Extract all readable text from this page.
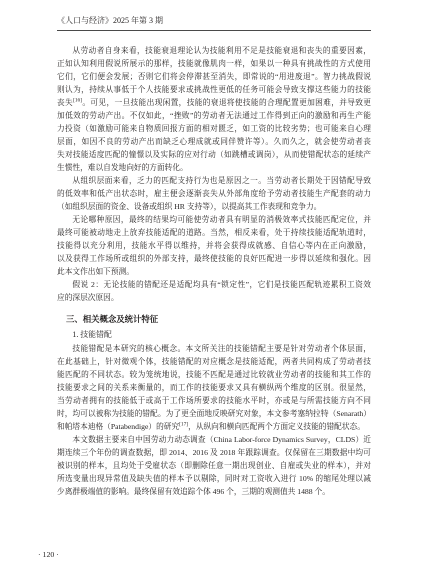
《人口与经济》2025 年第 3 期
从劳动者自身来看，技能衰退理论认为技能利用不足是技能衰退和丧失的重要因素，
正如认知利用假说所展示的那样，技能就像肌肉一样，如果以一种具有挑战性的方式使用
它们，它们便会发展；否则它们将会停滞甚至消失，即常说的“用进废退”。智力挑战假说
则认为，持续从事低于个人技能要求或挑战性更低的任务可能会导致支撑这些能力的技能
丧失[16]。可见，一旦技能出现闲置，技能的衰退将使技能的合理配置更加困难，并导致更
加低效的劳动产出。不仅如此，“挫败”的劳动者无法通过工作得到正向的激励和再生产能
力投资（如激励可能来自物质回报方面的相对匮乏，如工资的比较劣势；也可能来自心理
层面，如因不良的劳动产出而缺乏心理成就或同伴赞许等）。久而久之，就会使劳动者丧
失对技能适度匹配的憧憬以及实际的应对行动（如跳槽或调岗），从而使错配状态的延续产
生惯性，难以自发地向好的方面转化。
从组织层面来看，乏力的匹配支持行为也是原因之一。当劳动者长期处于因错配导致
的低效率和低产出状态时，雇主便会逐渐丧失从外部角度给予劳动者技能生产配套的动力
（如组织层面的资金、设备或组织 HR 支持等），以提高其工作表现和竞争力。
无论哪种原因，最终的结果均可能使劳动者具有明显的消极效率式技能匹配定位，并
最终可能被动地走上放弃技能适配的道路。当然，相反来看，处于持续技能适配轨道时，
技能得以充分利用，技能水平得以维持，并将会获得成就感、自信心等内在正向激励，
以及获得工作场所或组织的外部支持，最终使技能的良好匹配进一步得以延续和强化。因
此本文作出如下预测。
假说 2：无论技能的错配还是适配均具有“锁定性”，它们是技能匹配轨迹累积工资效
应的深层次原因。
三、相关概念及统计特征
1. 技能错配
技能错配是本研究的核心概念。本文所关注的技能错配主要是针对劳动者个体层面，
在此基础上，针对微观个体，技能错配的对应概念是技能适配，两者共同构成了劳动者技
能匹配的不同状态。较为笼统地说，技能不匹配是通过比较就业劳动者的技能和其工作的
技能要求之间的关系来衡量的，而工作的技能要求又具有横纵两个维度的区别。很显然，
当劳动者拥有的技能低于或高于工作场所要求的技能水平时，亦或是与所需技能方向不同
时，均可以被称为技能的错配。为了更全面地反映研究对象，本文参考塞纳拉特（Senarath）
和帕塔本迪格（Patabendige）的研究[17]，从纵向和横向匹配两个方面定义技能的错配状态。
本文数据主要来自中国劳动力动态调查（China Labor-force Dynamics Survey，CLDS）近
期连续三个年份的调查数据，即 2014、2016 及 2018 年跟踪调查。仅保留在三期数据中均可
被识别的样本，且均处于受雇状态（即删除任意一期出现创业、自雇或失业的样本），并对
所选变量出现异常值及缺失值的样本予以剔除，同时对工资收入进行 10% 的缩尾处理以减
少离群极端值的影响。最终保留有效追踪个体 496 个，三期的观测值共 1488 个。
· 120 ·
